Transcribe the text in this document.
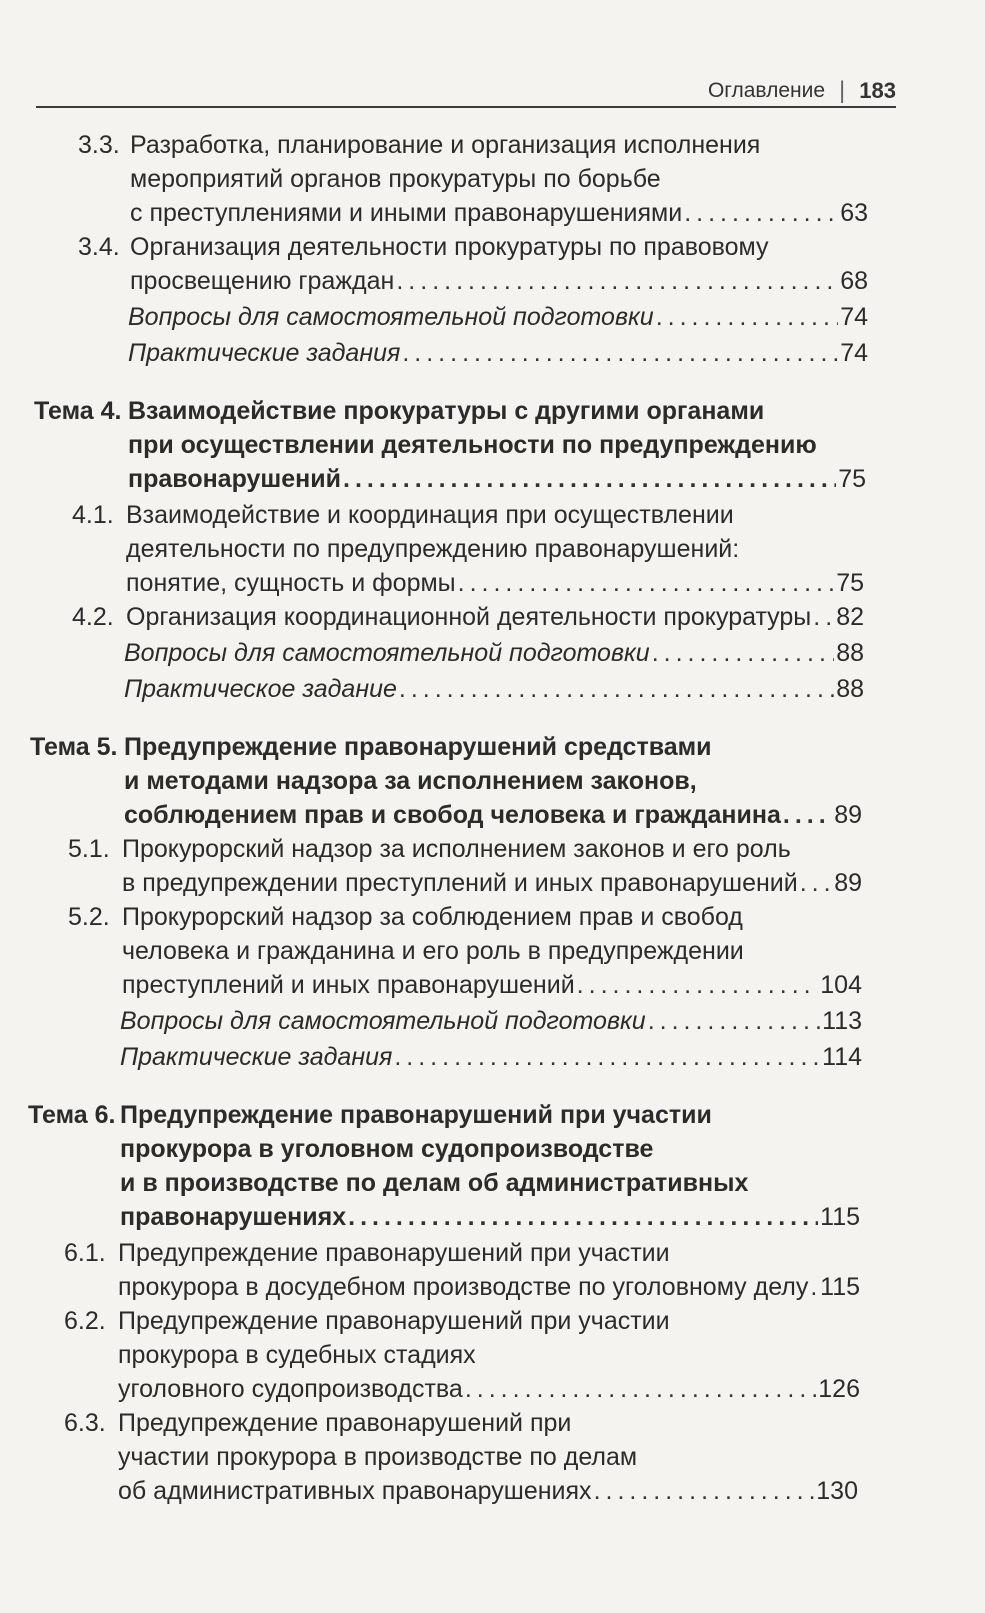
Оглавление | 183
3.3. Разработка, планирование и организация исполнения
мероприятий органов прокуратуры по борьбе
с преступлениями и иными правонарушениями .....	63
3.4. Организация деятельности прокуратуры по правовому
просвещению граждан .....	68
Вопросы для самостоятельной подготовки .....	74
Практические задания .....	74
Тема 4. Взаимодействие прокуратуры с другими органами
при осуществлении деятельности по предупреждению
правонарушений .....	75
4.1. Взаимодействие и координация при осуществлении
деятельности по предупреждению правонарушений:
понятие, сущность и формы .....	75
4.2. Организация координационной деятельности прокуратуры ..... 82
Вопросы для самостоятельной подготовки .....	88
Практическое задание .....	88
Тема 5. Предупреждение правонарушений средствами
и методами надзора за исполнением законов,
соблюдением прав и свобод человека и гражданина ..... 89
5.1. Прокурорский надзор за исполнением законов и его роль
в предупреждении преступлений и иных правонарушений ..... 89
5.2. Прокурорский надзор за соблюдением прав и свобод
человека и гражданина и его роль в предупреждении
преступлений и иных правонарушений .....	104
Вопросы для самостоятельной подготовки .....	113
Практические задания .....	114
Тема 6. Предупреждение правонарушений при участии
прокурора в уголовном судопроизводстве
и в производстве по делам об административных
правонарушениях .....	115
6.1. Предупреждение правонарушений при участии
прокурора в досудебном производстве по уголовному делу ..... 115
6.2. Предупреждение правонарушений при участии
прокурора в судебных стадиях
уголовного судопроизводства .....	126
6.3. Предупреждение правонарушений при
участии прокурора в производстве по делам
об административных правонарушениях .....	130
